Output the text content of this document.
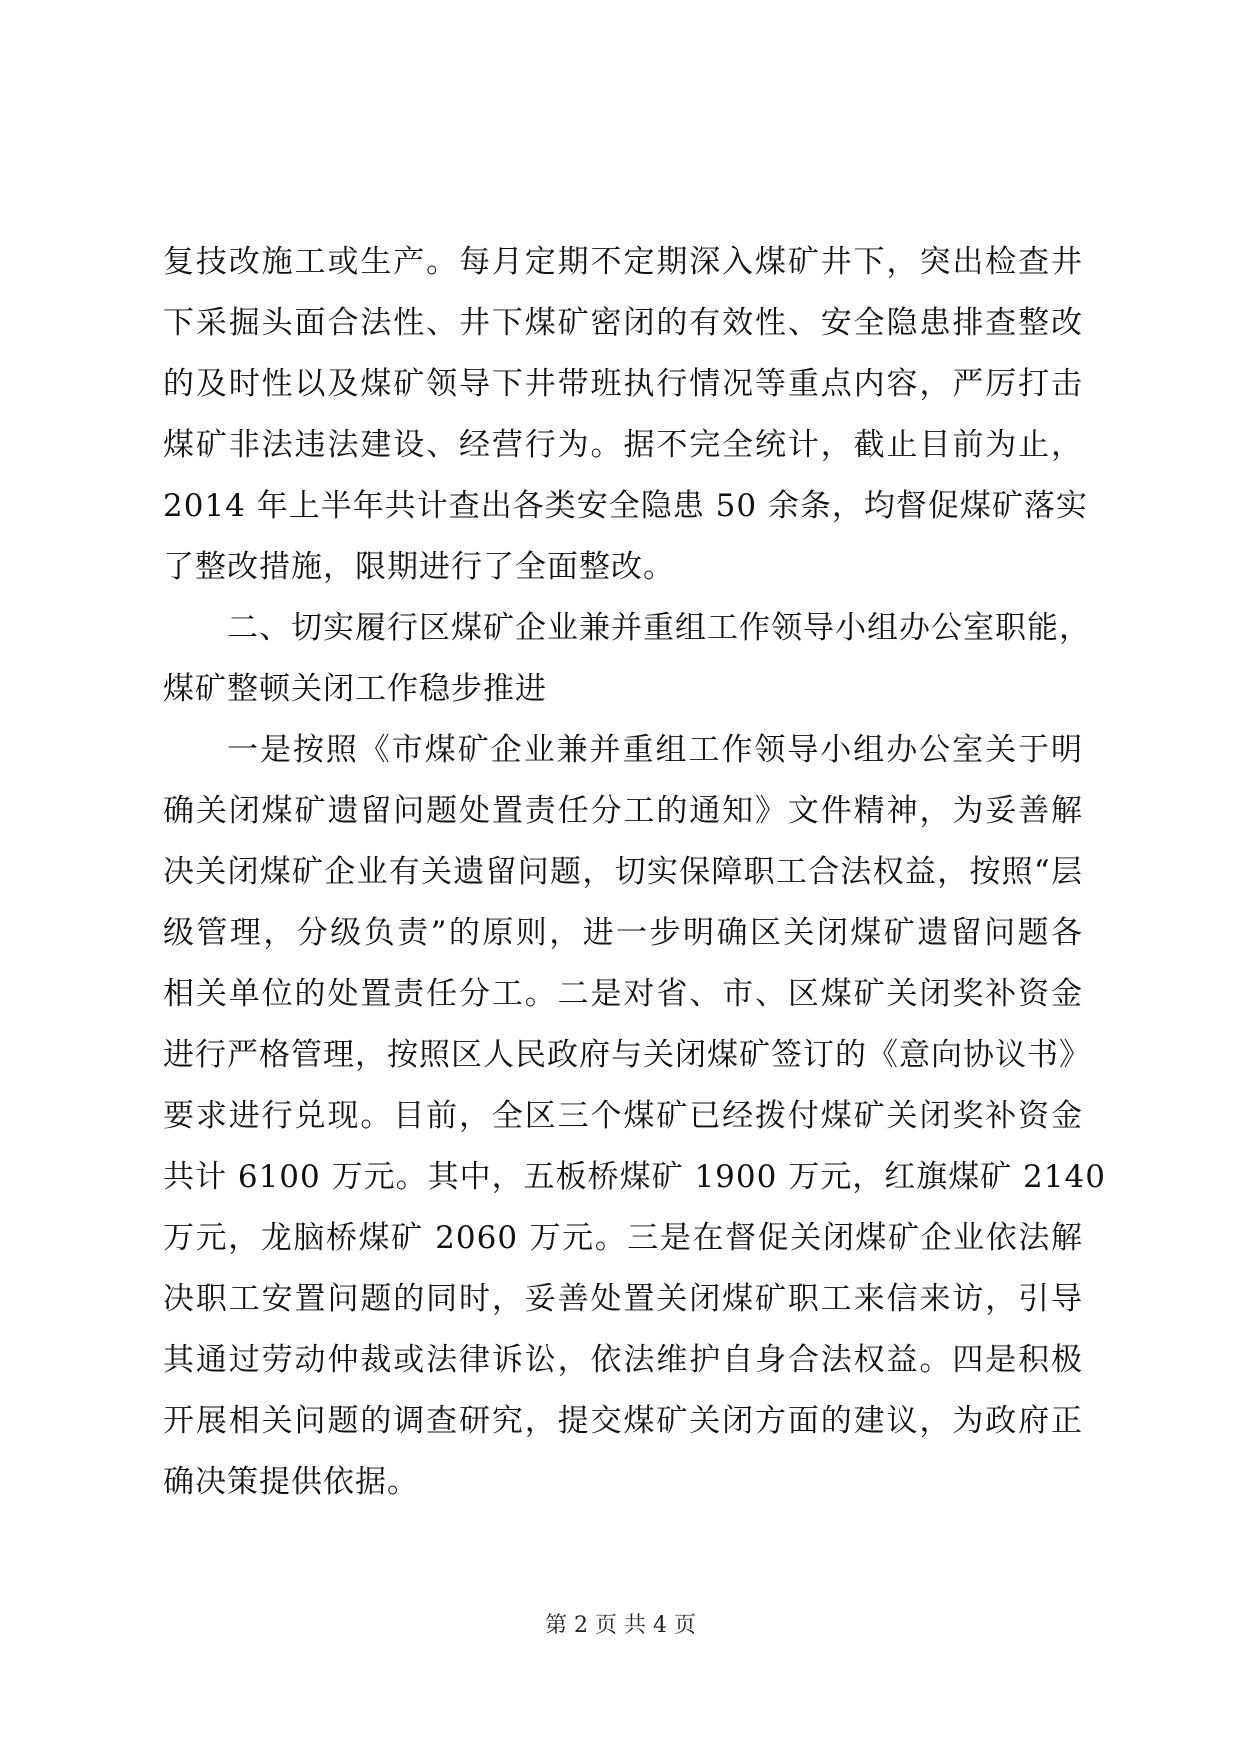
复技改施工或生产。每月定期不定期深入煤矿井下，突出检查井
下采掘头面合法性、井下煤矿密闭的有效性、安全隐患排查整改
的及时性以及煤矿领导下井带班执行情况等重点内容，严厉打击
煤矿非法违法建设、经营行为。据不完全统计，截止目前为止，
2014 年上半年共计查出各类安全隐患 50 余条，均督促煤矿落实
了整改措施，限期进行了全面整改。
二、切实履行区煤矿企业兼并重组工作领导小组办公室职能，
煤矿整顿关闭工作稳步推进
一是按照《市煤矿企业兼并重组工作领导小组办公室关于明
确关闭煤矿遗留问题处置责任分工的通知》文件精神，为妥善解
决关闭煤矿企业有关遗留问题，切实保障职工合法权益，按照“层
级管理，分级负责”的原则，进一步明确区关闭煤矿遗留问题各
相关单位的处置责任分工。二是对省、市、区煤矿关闭奖补资金
进行严格管理，按照区人民政府与关闭煤矿签订的《意向协议书》
要求进行兑现。目前，全区三个煤矿已经拨付煤矿关闭奖补资金
共计 6100 万元。其中，五板桥煤矿 1900 万元，红旗煤矿 2140
万元，龙脑桥煤矿 2060 万元。三是在督促关闭煤矿企业依法解
决职工安置问题的同时，妥善处置关闭煤矿职工来信来访，引导
其通过劳动仲裁或法律诉讼，依法维护自身合法权益。四是积极
开展相关问题的调查研究，提交煤矿关闭方面的建议，为政府正
确决策提供依据。
第 2 页 共 4 页
